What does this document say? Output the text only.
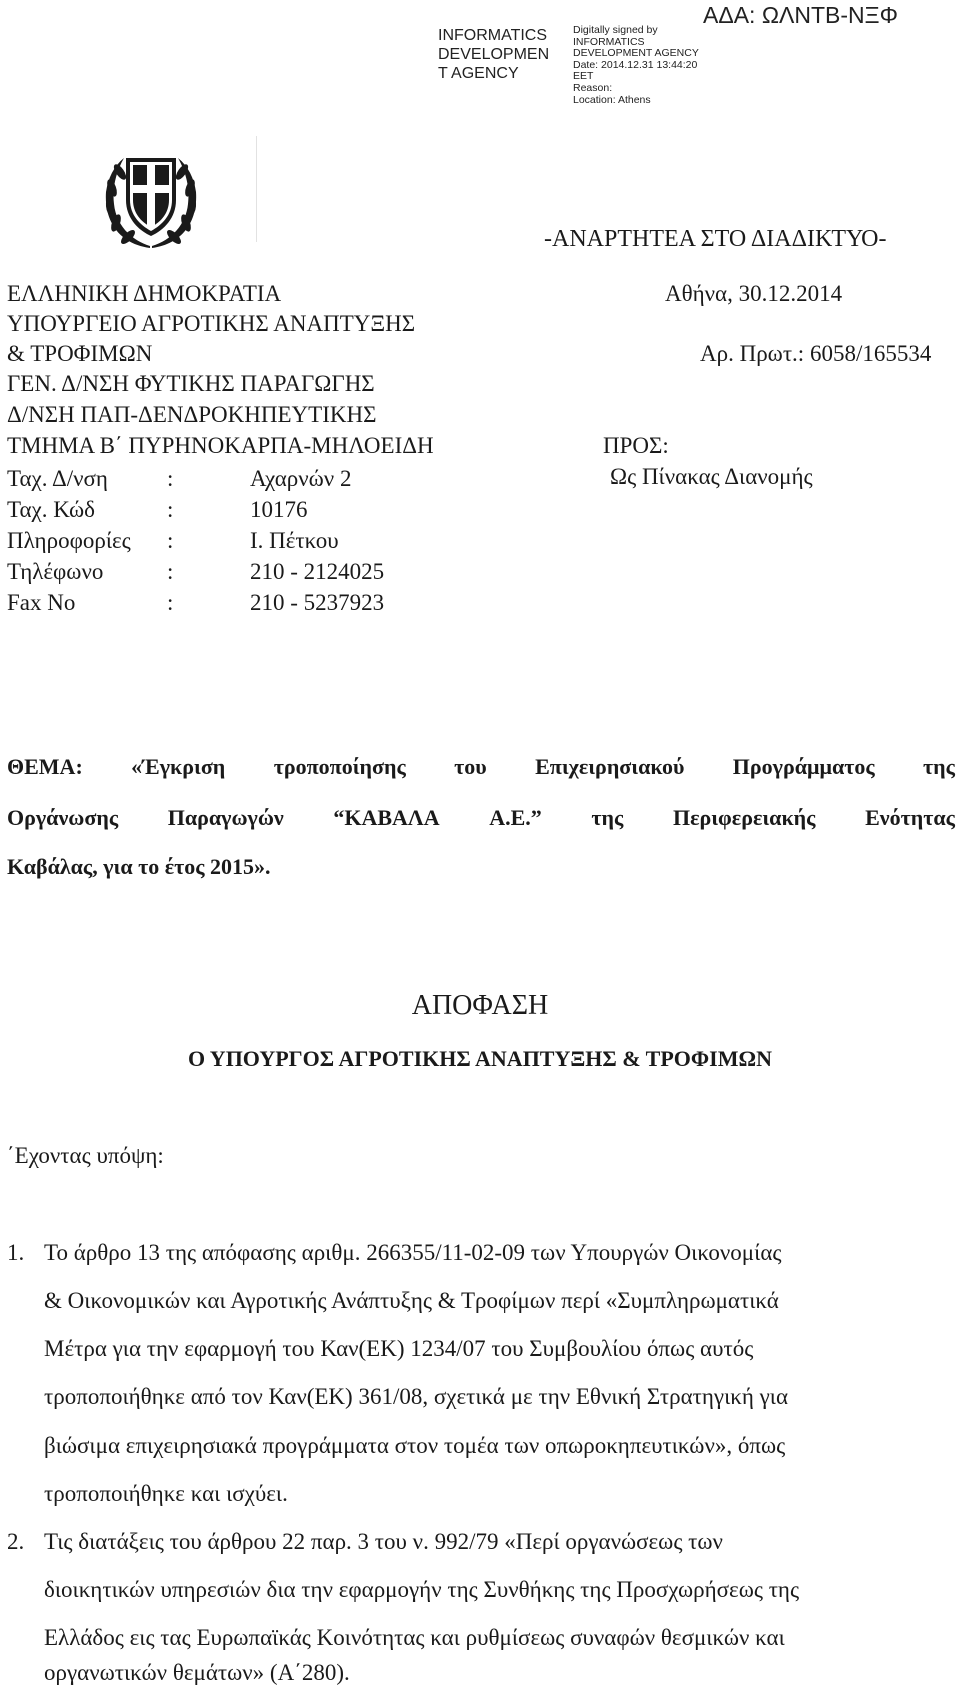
INFORMATICS
DEVELOPMEN
T AGENCY
Digitally signed by
INFORMATICS
DEVELOPMENT AGENCY
Date: 2014.12.31 13:44:20
EET
Reason:
Location: Athens
ΑΔΑ: ΩΛΝΤΒ-ΝΞΦ
-ΑΝΑΡΤΗΤΕΑ ΣΤΟ ΔΙΑΔΙΚΤΥΟ-
ΕΛΛΗΝΙΚΗ ΔΗΜΟΚΡΑΤΙΑ
ΥΠΟΥΡΓΕΙΟ ΑΓΡΟΤΙΚΗΣ ΑΝΑΠΤΥΞΗΣ
& ΤΡΟΦΙΜΩΝ
ΓΕΝ. Δ/ΝΣΗ ΦΥΤΙΚΗΣ ΠΑΡΑΓΩΓΗΣ
Δ/ΝΣΗ ΠΑΠ-ΔΕΝΔΡΟΚΗΠΕΥΤΙΚΗΣ
ΤΜΗΜΑ Β΄ ΠΥΡΗΝΟΚΑΡΠΑ-ΜΗΛΟΕΙΔΗ
Αθήνα, 30.12.2014
Αρ. Πρωτ.: 6058/165534
ΠΡΟΣ:
Ως Πίνακας Διανομής
Ταχ. Δ/νση	:	Αχαρνών 2
Ταχ. Κώδ	:	10176
Πληροφορίες :	Ι. Πέτκου
Τηλέφωνο	:	210 - 2124025
Fax No	:	210 - 5237923
ΘΕΜΑ: «Έγκριση τροποποίησης του Επιχειρησιακού Προγράμματος της
Οργάνωσης Παραγωγών “ΚΑΒΑΛΑ Α.Ε.” της Περιφερειακής Ενότητας
Καβάλας, για το έτος 2015».
ΑΠΟΦΑΣΗ
Ο ΥΠΟΥΡΓΟΣ ΑΓΡΟΤΙΚΗΣ ΑΝΑΠΤΥΞΗΣ & ΤΡΟΦΙΜΩΝ
΄Εχοντας υπόψη:
1. Το άρθρο 13 της απόφασης αριθμ. 266355/11-02-09 των Υπουργών Οικονομίας
& Οικονομικών και Αγροτικής Ανάπτυξης & Τροφίμων περί «Συμπληρωματικά
Μέτρα για την εφαρμογή του Καν(ΕΚ) 1234/07 του Συμβουλίου όπως αυτός
τροποποιήθηκε από τον Καν(ΕΚ) 361/08, σχετικά με την Εθνική Στρατηγική για
βιώσιμα επιχειρησιακά προγράμματα στον τομέα των οπωροκηπευτικών», όπως
τροποποιήθηκε και ισχύει.
2. Τις διατάξεις του άρθρου 22 παρ. 3 του ν. 992/79 «Περί οργανώσεως των
διοικητικών υπηρεσιών δια την εφαρμογήν της Συνθήκης της Προσχωρήσεως της
Ελλάδος εις τας Ευρωπαϊκάς Κοινότητας και ρυθμίσεως συναφών θεσμικών και
οργανωτικών θεμάτων» (Α΄280).
